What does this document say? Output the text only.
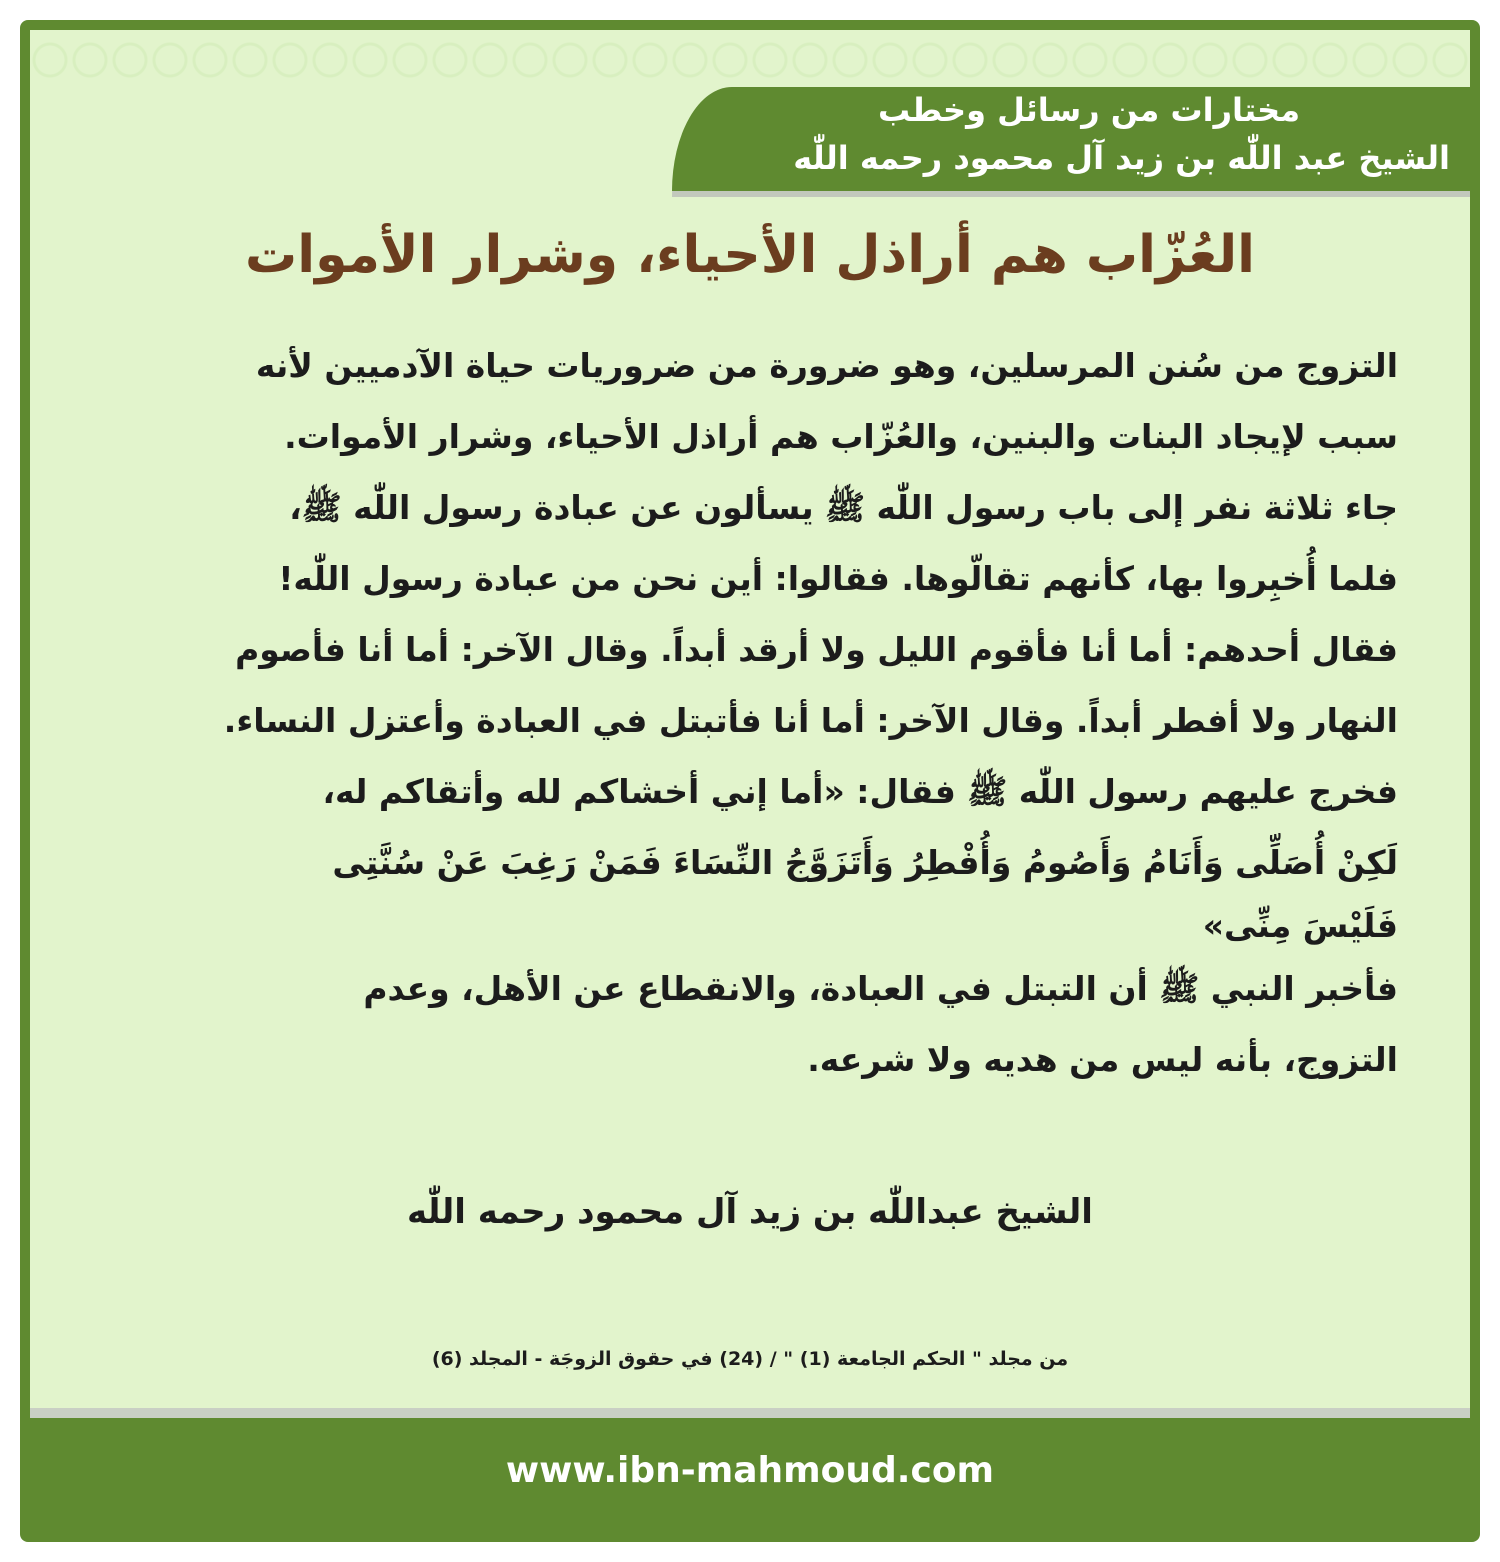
مختارات من رسائل وخطب
الشيخ عبد اللّٰه بن زيد آل محمود رحمه اللّٰه
العُزّاب هم أراذل الأحياء، وشرار الأموات
التزوج من سُنن المرسلين، وهو ضرورة من ضروريات حياة الآدميين لأنه
سبب لإيجاد البنات والبنين، والعُزّاب هم أراذل الأحياء، وشرار الأموات.
جاء ثلاثة نفر إلى باب رسول اللّٰه ﷺ يسألون عن عبادة رسول اللّٰه ﷺ،
فلما أُخبِروا بها، كأنهم تقالّوها. فقالوا: أين نحن من عبادة رسول اللّٰه!
فقال أحدهم: أما أنا فأقوم الليل ولا أرقد أبداً. وقال الآخر: أما أنا فأصوم
النهار ولا أفطر أبداً. وقال الآخر: أما أنا فأتبتل في العبادة وأعتزل النساء.
فخرج عليهم رسول اللّٰه ﷺ فقال: «أما إني أخشاكم لله وأتقاكم له،
لَكِنْ أُصَلِّى وَأَنَامُ وَأَصُومُ وَأُفْطِرُ وَأَتَزَوَّجُ النِّسَاءَ فَمَنْ رَغِبَ عَنْ سُنَّتِى
فَلَيْسَ مِنِّى»
فأخبر النبي ﷺ أن التبتل في العبادة، والانقطاع عن الأهل، وعدم
التزوج، بأنه ليس من هديه ولا شرعه.
الشيخ عبداللّٰه بن زيد آل محمود رحمه اللّٰه
من مجلد " الحكم الجامعة (1) " / (24) في حقوق الزوجَة - المجلد (6)
www.ibn-mahmoud.com
